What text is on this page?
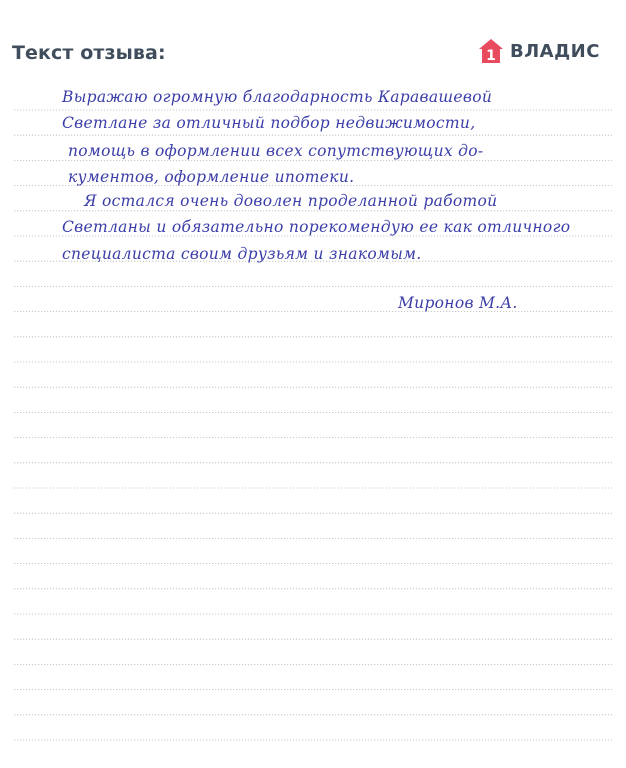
Текст отзыва:	1 ВЛАДИС
Выражаю огромную благодарность Каравашевой
Светлане за отличный подбор недвижимости,
помощь в оформлении всех сопутствующих до-
кументов, оформление ипотеки.
Я остался очень доволен проделанной работой
Светланы и обязательно порекомендую ее как отличного
специалиста своим друзьям и знакомым.
Миронов М.А.
